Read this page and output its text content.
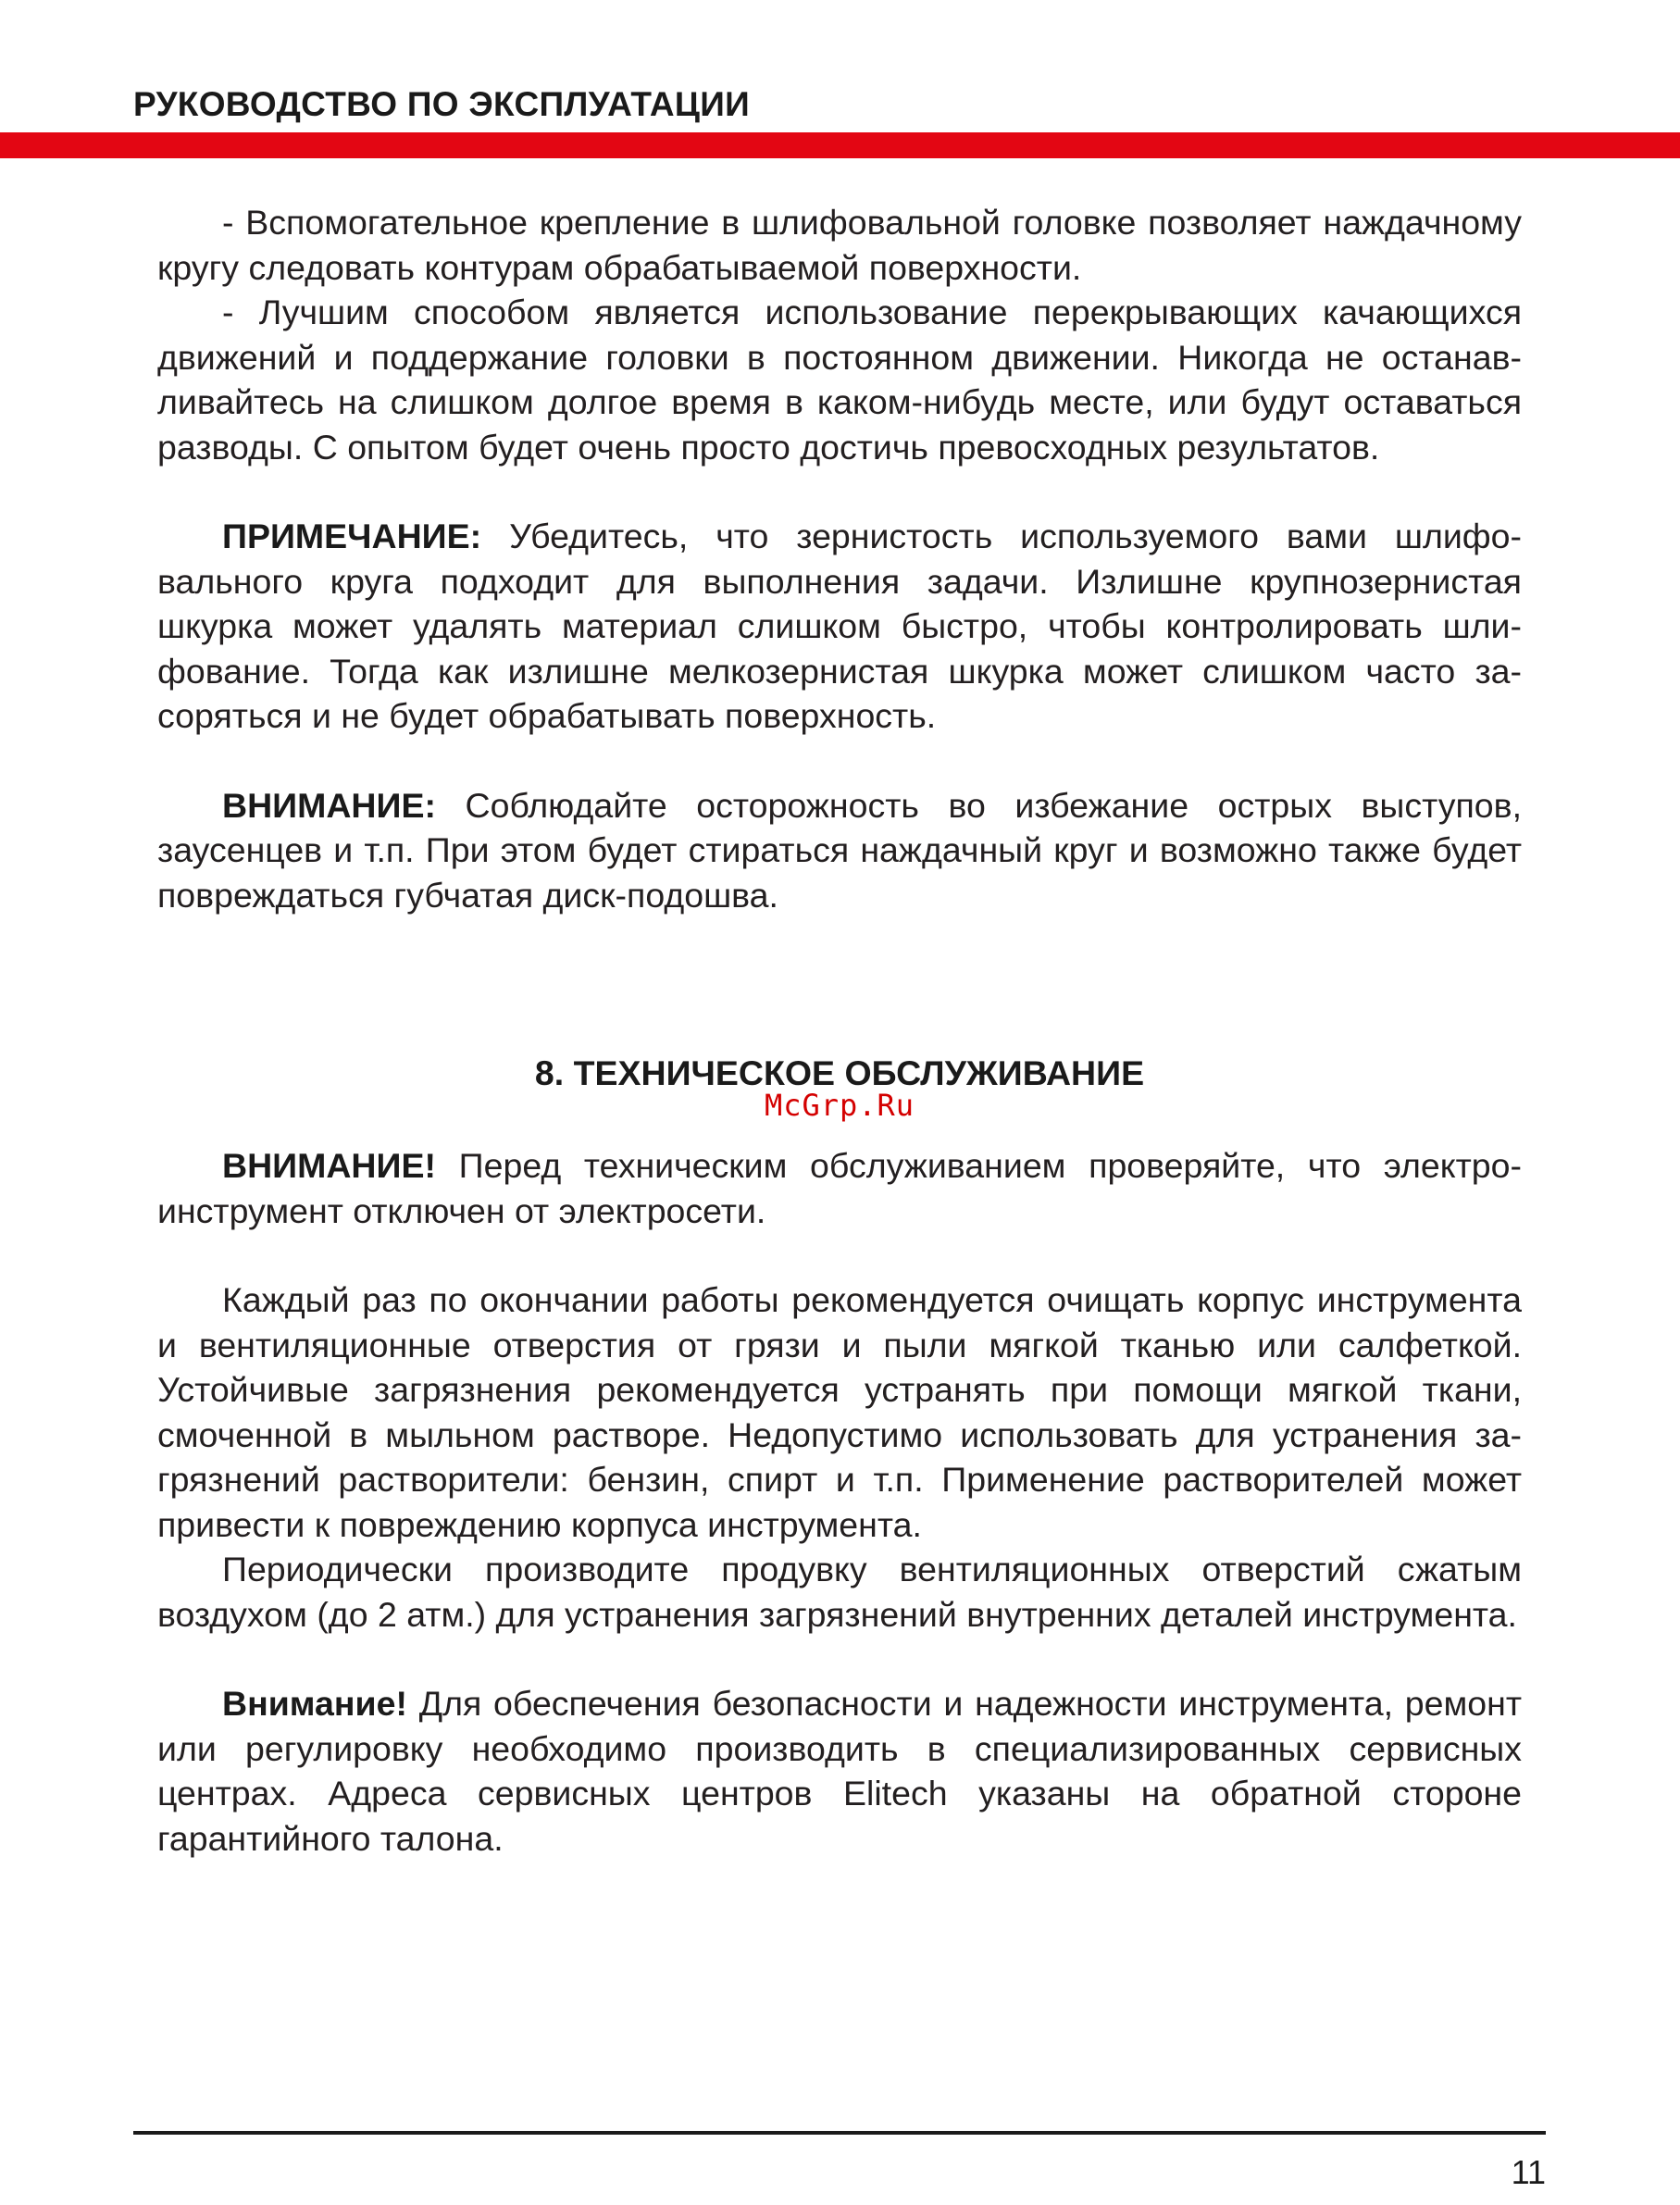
РУКОВОДСТВО ПО ЭКСПЛУАТАЦИИ

- Вспомогательное крепление в шлифовальной головке позволяет наждачному кругу следовать контурам обрабатываемой поверхности.

- Лучшим способом является использование перекрывающих качающихся движений и поддержание головки в постоянном движении. Никогда не останавливайтесь на слишком долгое время в каком-нибудь месте, или будут оставаться разводы. С опытом будет очень просто достичь превосходных результатов.

ПРИМЕЧАНИЕ: Убедитесь, что зернистость используемого вами шлифовального круга подходит для выполнения задачи. Излишне крупнозернистая шкурка может удалять материал слишком быстро, чтобы контролировать шлифование. Тогда как излишне мелкозернистая шкурка может слишком часто засоряться и не будет обрабатывать поверхность.

ВНИМАНИЕ: Соблюдайте осторожность во избежание острых выступов, заусенцев и т.п. При этом будет стираться наждачный круг и возможно также будет повреждаться губчатая диск-подошва.

8. ТЕХНИЧЕСКОЕ ОБСЛУЖИВАНИЕ
McGrp.Ru

ВНИМАНИЕ! Перед техническим обслуживанием проверяйте, что электроинструмент отключен от электросети.

Каждый раз по окончании работы рекомендуется очищать корпус инструмента и вентиляционные отверстия от грязи и пыли мягкой тканью или салфеткой. Устойчивые загрязнения рекомендуется устранять при помощи мягкой ткани, смоченной в мыльном растворе. Недопустимо использовать для устранения загрязнений растворители: бензин, спирт и т.п. Применение растворителей может привести к повреждению корпуса инструмента.

Периодически производите продувку вентиляционных отверстий сжатым воздухом (до 2 атм.) для устранения загрязнений внутренних деталей инструмента.

Внимание! Для обеспечения безопасности и надежности инструмента, ремонт или регулировку необходимо производить в специализированных сервисных центрах. Адреса сервисных центров Elitech указаны на обратной стороне гарантийного талона.

11
